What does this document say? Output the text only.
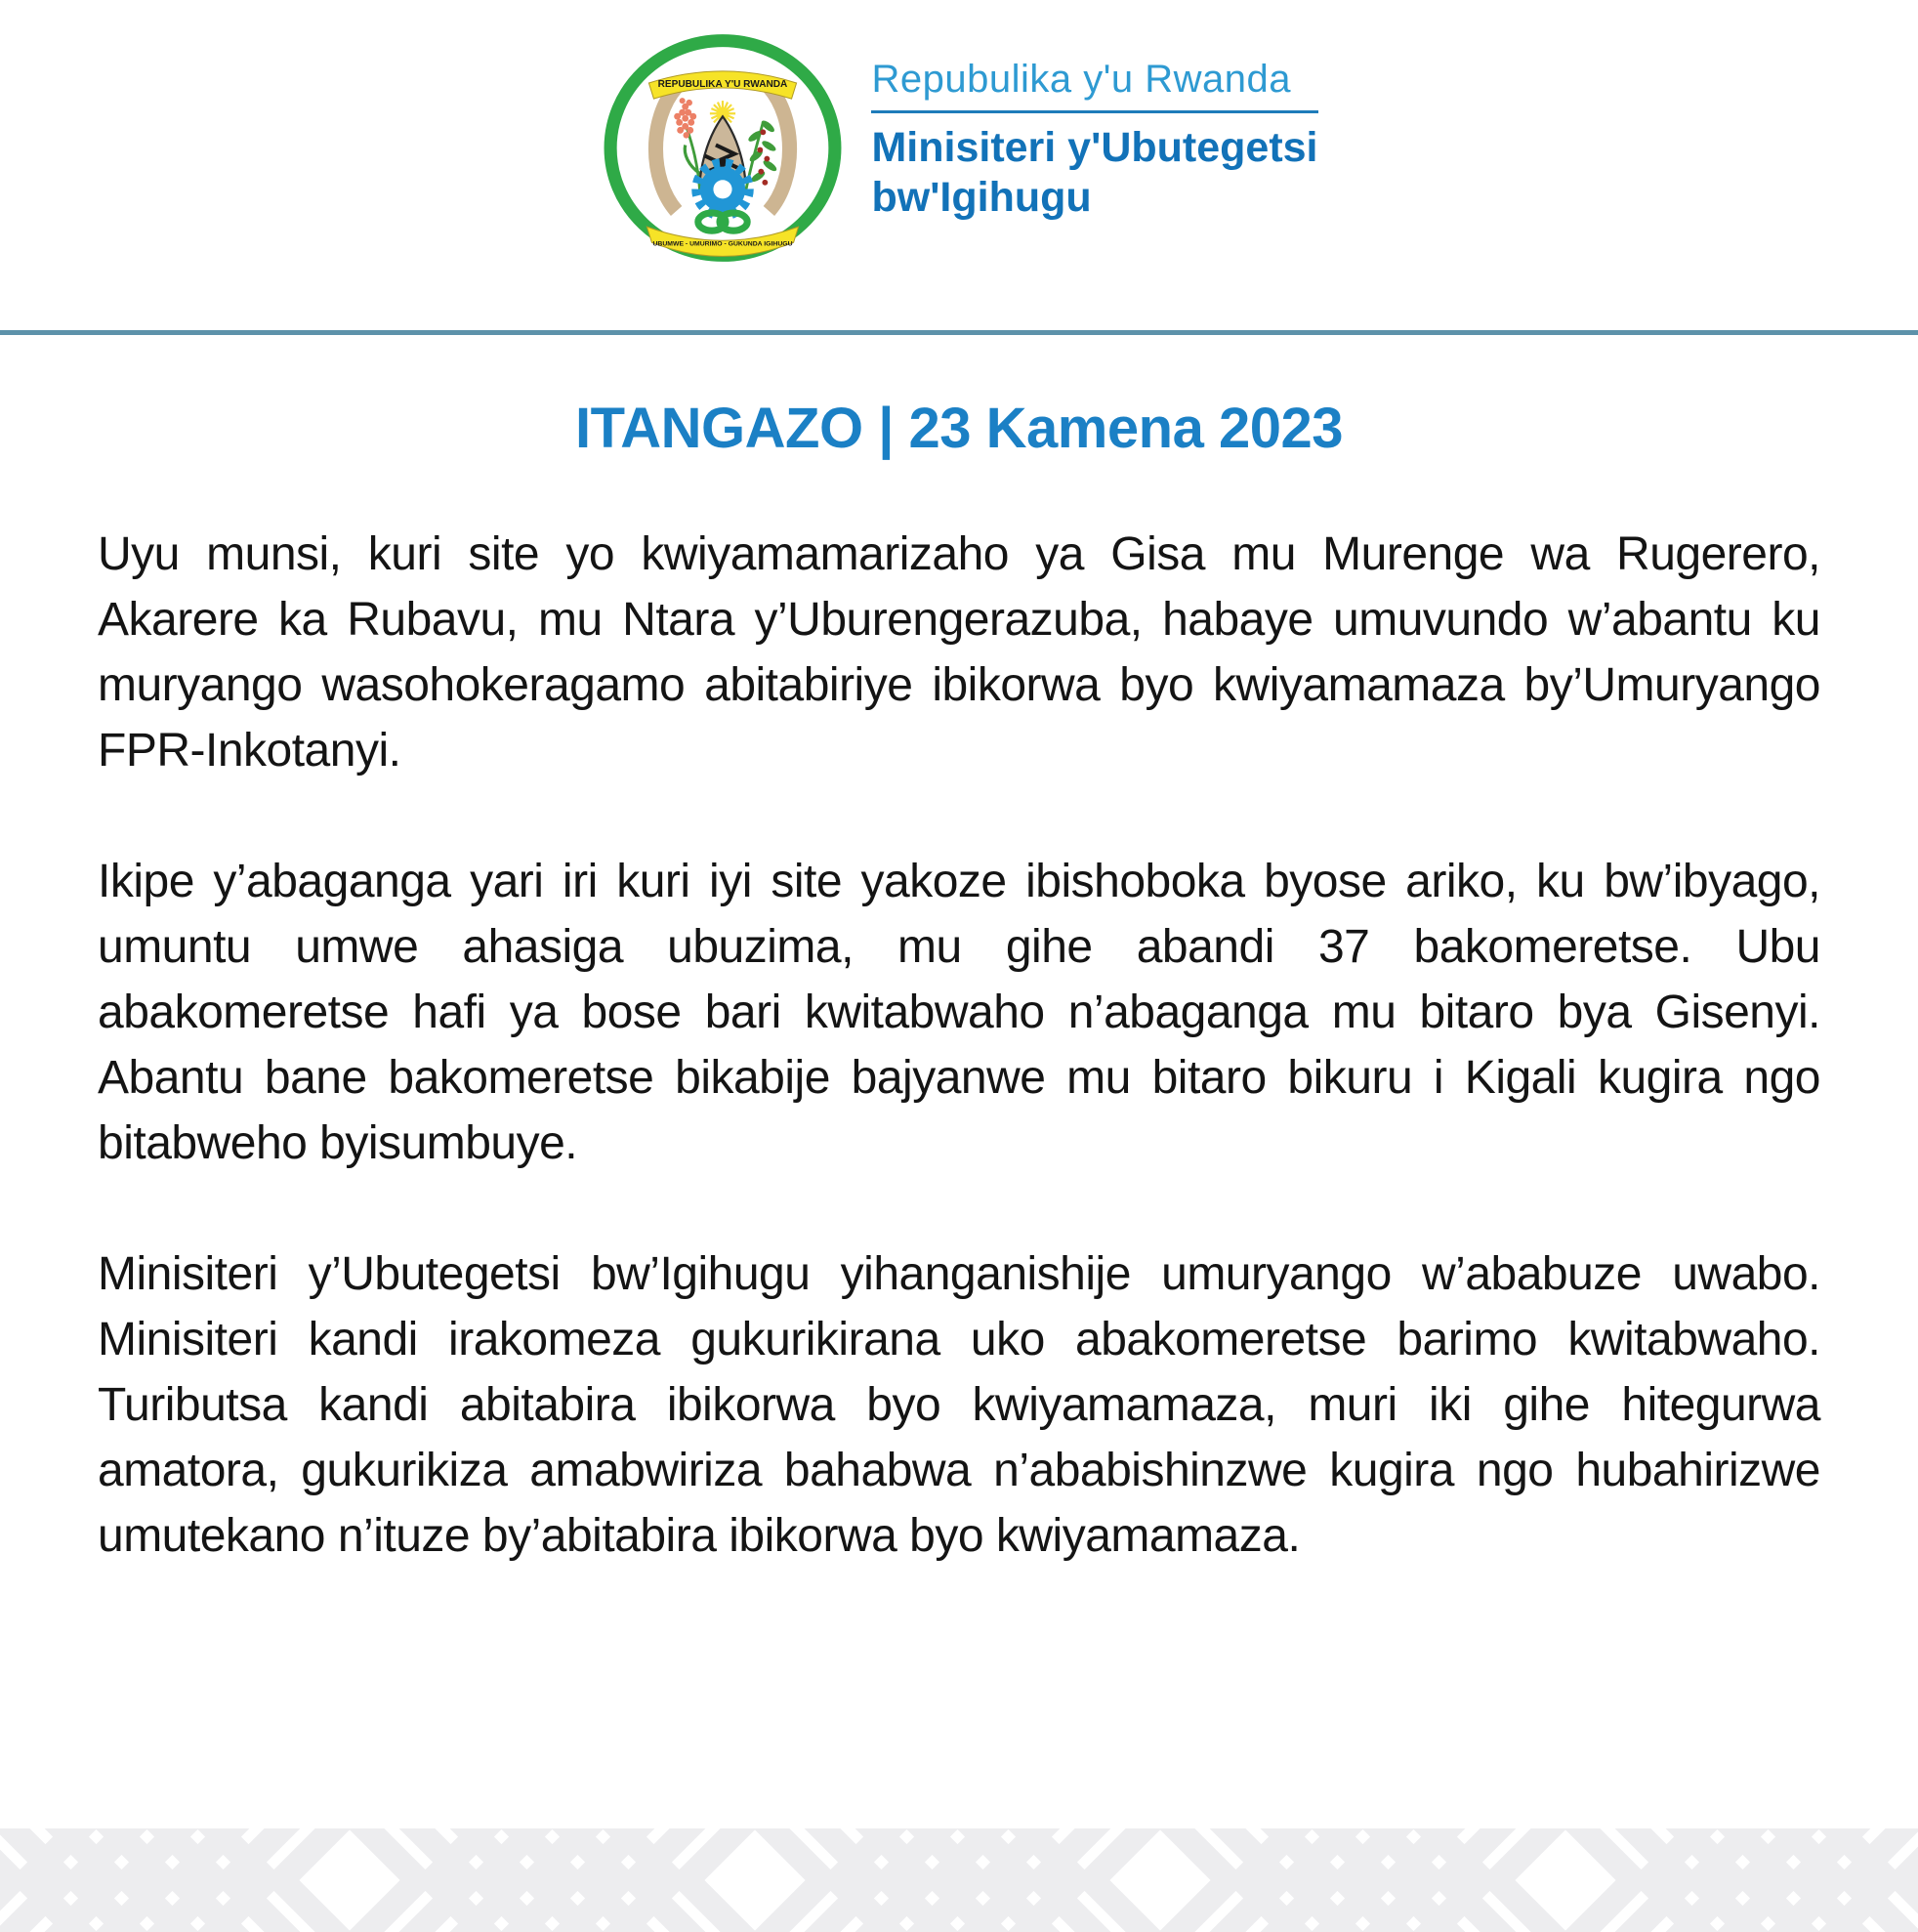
REPUBULIKA Y'U RWANDA
UBUMWE - UMURIMO - GUKUNDA IGIHUGU
Repubulika y'u Rwanda
Minisiteri y'Ubutegetsi
bw'Igihugu
ITANGAZO | 23 Kamena 2023

Uyu munsi, kuri site yo kwiyamamarizaho ya Gisa mu Murenge wa Rugerero, Akarere ka Rubavu, mu Ntara y’Uburengerazuba, habaye umuvundo w’abantu ku muryango wasohokeragamo abitabiriye ibikorwa byo kwiyamamaza by’Umuryango FPR-Inkotanyi.

Ikipe y’abaganga yari iri kuri iyi site yakoze ibishoboka byose ariko, ku bw’ibyago, umuntu umwe ahasiga ubuzima, mu gihe abandi 37 bakomeretse. Ubu abakomeretse hafi ya bose bari kwitabwaho n’abaganga mu bitaro bya Gisenyi. Abantu bane bakomeretse bikabije bajyanwe mu bitaro bikuru i Kigali kugira ngo bitabweho byisumbuye.

Minisiteri y’Ubutegetsi bw’Igihugu yihanganishije umuryango w’ababuze uwabo. Minisiteri kandi irakomeza gukurikirana uko abakomeretse barimo kwitabwaho. Tuributsa kandi abitabira ibikorwa byo kwiyamamaza, muri iki gihe hitegurwa amatora, gukurikiza amabwiriza bahabwa n’ababishinzwe kugira ngo hubahirizwe umutekano n’ituze by’abitabira ibikorwa byo kwiyamamaza.
